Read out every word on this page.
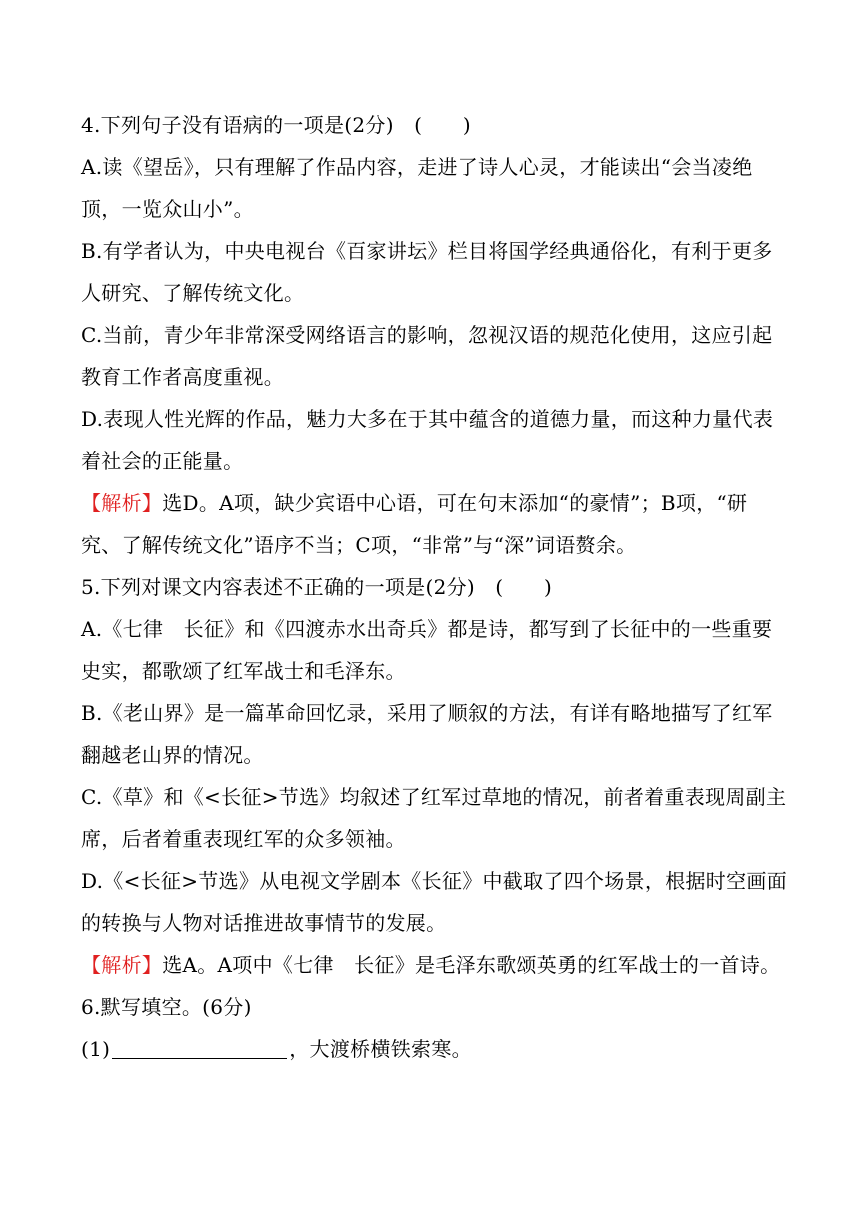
4.下列句子没有语病的一项是(2分)　(　　)
A.读《望岳》，只有理解了作品内容，走进了诗人心灵，才能读出“会当凌绝
顶，一览众山小”。
B.有学者认为，中央电视台《百家讲坛》栏目将国学经典通俗化，有利于更多
人研究、了解传统文化。
C.当前，青少年非常深受网络语言的影响，忽视汉语的规范化使用，这应引起
教育工作者高度重视。
D.表现人性光辉的作品，魅力大多在于其中蕴含的道德力量，而这种力量代表
着社会的正能量。
【解析】选D。A项，缺少宾语中心语，可在句末添加“的豪情”；B项，“研
究、了解传统文化”语序不当；C项，“非常”与“深”词语赘余。
5.下列对课文内容表述不正确的一项是(2分)　(　　)
A.《七律　长征》和《四渡赤水出奇兵》都是诗，都写到了长征中的一些重要
史实，都歌颂了红军战士和毛泽东。
B.《老山界》是一篇革命回忆录，采用了顺叙的方法，有详有略地描写了红军
翻越老山界的情况。
C.《草》和《<长征>节选》均叙述了红军过草地的情况，前者着重表现周副主
席，后者着重表现红军的众多领袖。
D.《<长征>节选》从电视文学剧本《长征》中截取了四个场景，根据时空画面
的转换与人物对话推进故事情节的发展。
【解析】选A。A项中《七律　长征》是毛泽东歌颂英勇的红军战士的一首诗。
6.默写填空。(6分)
(1)	，大渡桥横铁索寒。
